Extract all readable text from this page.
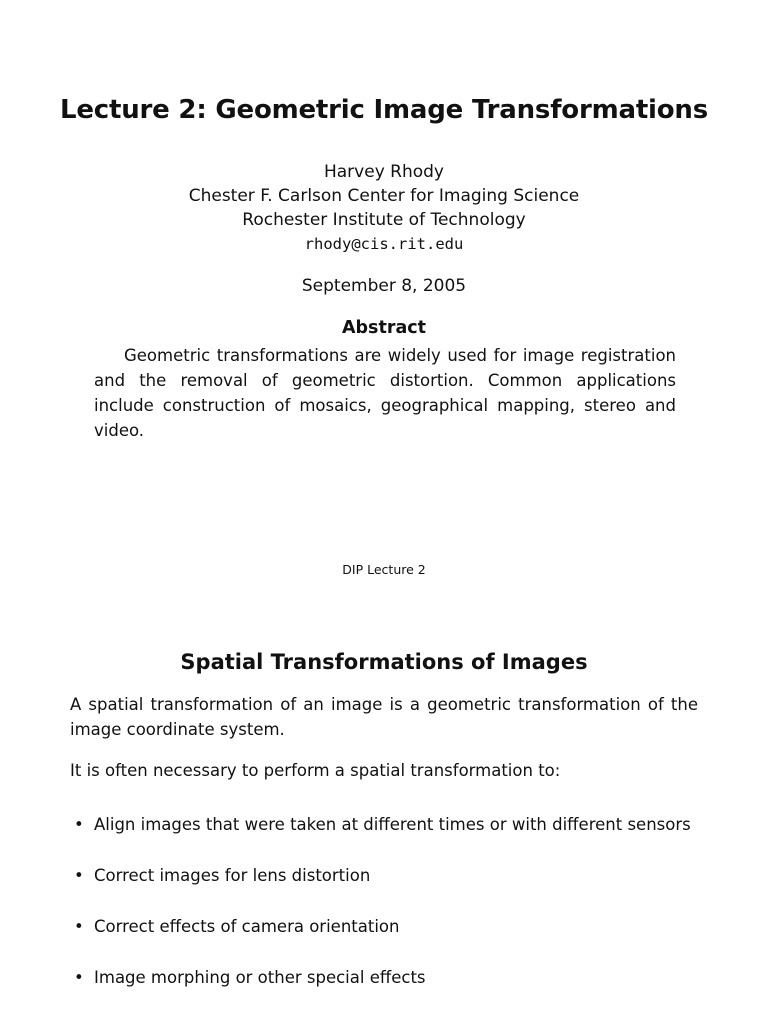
Lecture 2: Geometric Image Transformations
Harvey Rhody
Chester F. Carlson Center for Imaging Science
Rochester Institute of Technology
rhody@cis.rit.edu
September 8, 2005
Abstract
Geometric transformations are widely used for image registration and the removal of geometric distortion. Common applications include construction of mosaics, geographical mapping, stereo and video.
DIP Lecture 2
Spatial Transformations of Images
A spatial transformation of an image is a geometric transformation of the image coordinate system.
It is often necessary to perform a spatial transformation to:
• Align images that were taken at different times or with different sensors
• Correct images for lens distortion
• Correct effects of camera orientation
• Image morphing or other special effects
